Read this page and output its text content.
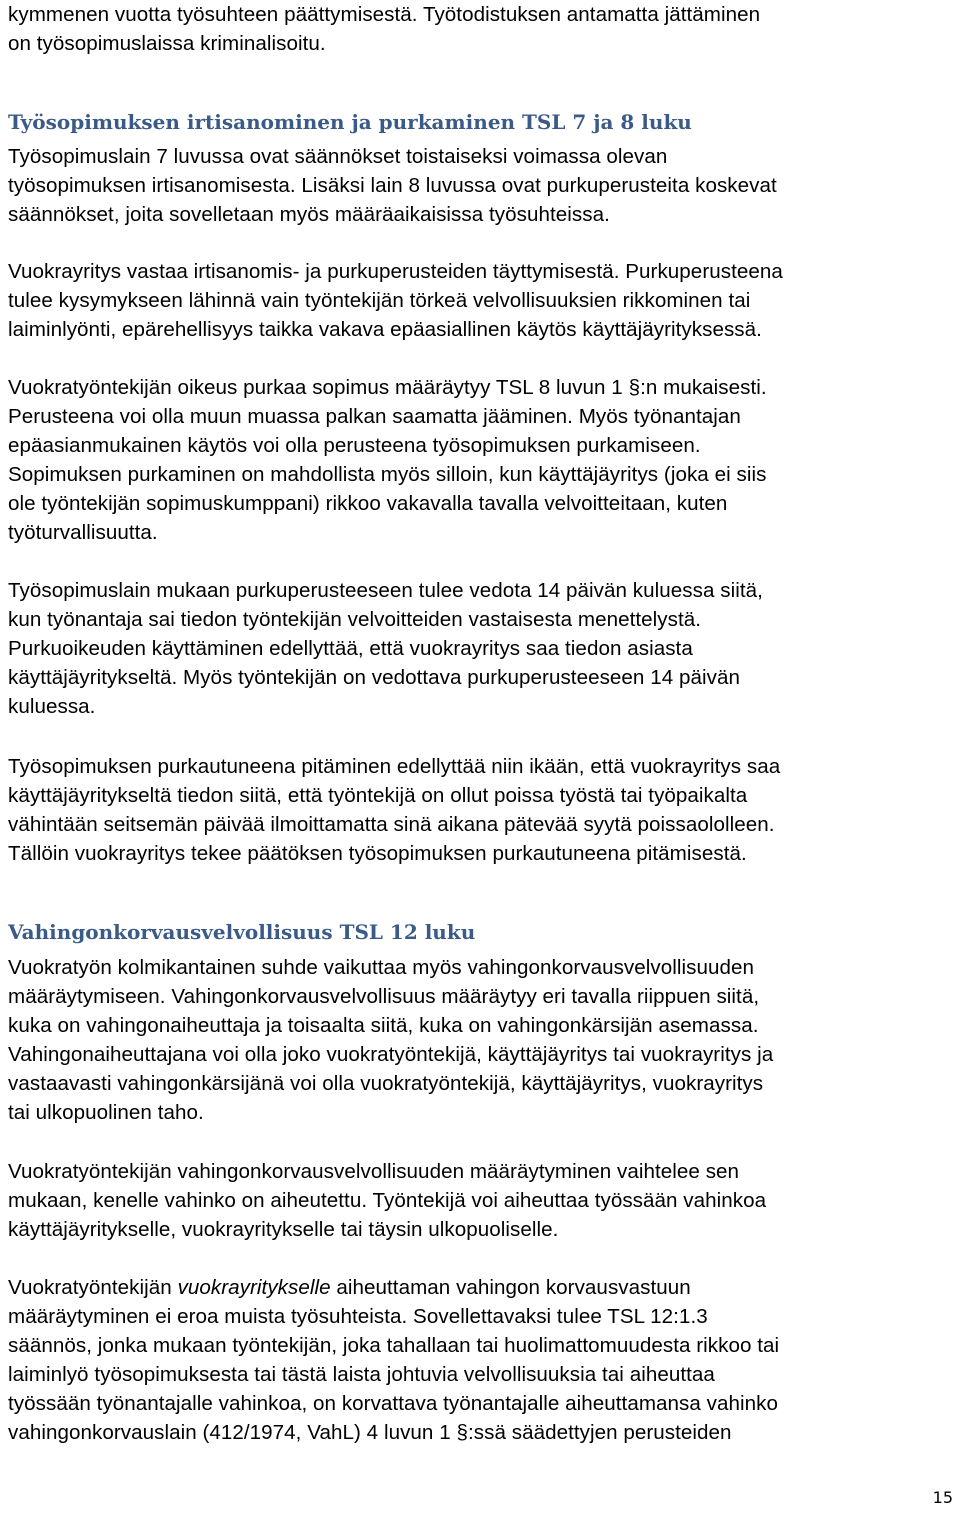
kymmenen vuotta työsuhteen päättymisestä. Työtodistuksen antamatta jättäminen
on työsopimuslaissa kriminalisoitu.
Työsopimuksen irtisanominen ja purkaminen TSL 7 ja 8 luku
Työsopimuslain 7 luvussa ovat säännökset toistaiseksi voimassa olevan
työsopimuksen irtisanomisesta. Lisäksi lain 8 luvussa ovat purkuperusteita koskevat
säännökset, joita sovelletaan myös määräaikaisissa työsuhteissa.
Vuokrayritys vastaa irtisanomis- ja purkuperusteiden täyttymisestä. Purkuperusteena
tulee kysymykseen lähinnä vain työntekijän törkeä velvollisuuksien rikkominen tai
laiminlyönti, epärehellisyys taikka vakava epäasiallinen käytös käyttäjäyrityksessä.
Vuokratyöntekijän oikeus purkaa sopimus määräytyy TSL 8 luvun 1 §:n mukaisesti.
Perusteena voi olla muun muassa palkan saamatta jääminen. Myös työnantajan
epäasianmukainen käytös voi olla perusteena työsopimuksen purkamiseen.
Sopimuksen purkaminen on mahdollista myös silloin, kun käyttäjäyritys (joka ei siis
ole työntekijän sopimuskumppani) rikkoo vakavalla tavalla velvoitteitaan, kuten
työturvallisuutta.
Työsopimuslain mukaan purkuperusteeseen tulee vedota 14 päivän kuluessa siitä,
kun työnantaja sai tiedon työntekijän velvoitteiden vastaisesta menettelystä.
Purkuoikeuden käyttäminen edellyttää, että vuokrayritys saa tiedon asiasta
käyttäjäyritykseltä. Myös työntekijän on vedottava purkuperusteeseen 14 päivän
kuluessa.
Työsopimuksen purkautuneena pitäminen edellyttää niin ikään, että vuokrayritys saa
käyttäjäyritykseltä tiedon siitä, että työntekijä on ollut poissa työstä tai työpaikalta
vähintään seitsemän päivää ilmoittamatta sinä aikana pätevää syytä poissaololleen.
Tällöin vuokrayritys tekee päätöksen työsopimuksen purkautuneena pitämisestä.
Vahingonkorvausvelvollisuus TSL 12 luku
Vuokratyön kolmikantainen suhde vaikuttaa myös vahingonkorvausvelvollisuuden
määräytymiseen. Vahingonkorvausvelvollisuus määräytyy eri tavalla riippuen siitä,
kuka on vahingonaiheuttaja ja toisaalta siitä, kuka on vahingonkärsijän asemassa.
Vahingonaiheuttajana voi olla joko vuokratyöntekijä, käyttäjäyritys tai vuokrayritys ja
vastaavasti vahingonkärsijänä voi olla vuokratyöntekijä, käyttäjäyritys, vuokrayritys
tai ulkopuolinen taho.
Vuokratyöntekijän vahingonkorvausvelvollisuuden määräytyminen vaihtelee sen
mukaan, kenelle vahinko on aiheutettu. Työntekijä voi aiheuttaa työssään vahinkoa
käyttäjäyritykselle, vuokrayritykselle tai täysin ulkopuoliselle.
Vuokratyöntekijän vuokrayritykselle aiheuttaman vahingon korvausvastuun
määräytyminen ei eroa muista työsuhteista. Sovellettavaksi tulee TSL 12:1.3
säännös, jonka mukaan työntekijän, joka tahallaan tai huolimattomuudesta rikkoo tai
laiminlyö työsopimuksesta tai tästä laista johtuvia velvollisuuksia tai aiheuttaa
työssään työnantajalle vahinkoa, on korvattava työnantajalle aiheuttamansa vahinko
vahingonkorvauslain (412/1974, VahL) 4 luvun 1 §:ssä säädettyjen perusteiden
15
